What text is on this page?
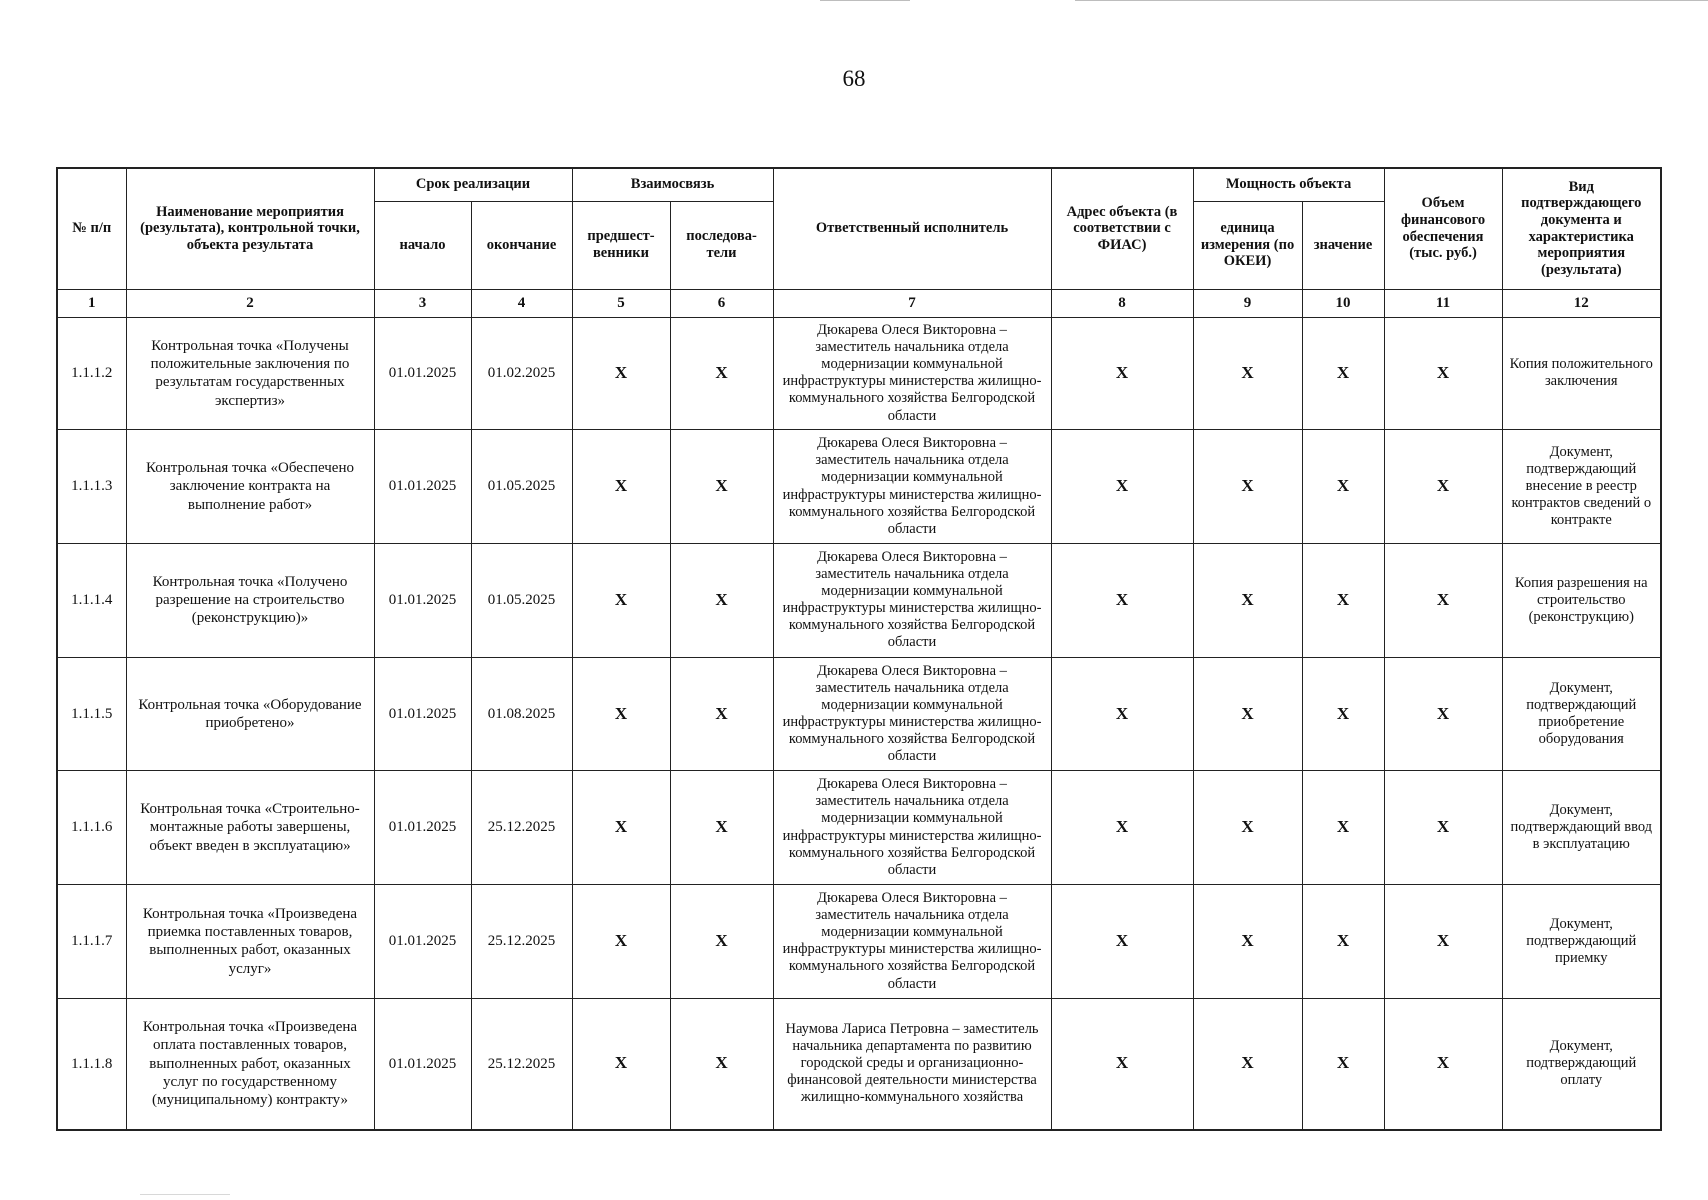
68
№ п/п	Наименование мероприятия (результата), контрольной точки, объекта результата	Срок реализации		Взаимосвязь		Ответственный исполнитель	Адрес объекта (в соответствии с ФИАС)	Мощность объекта		Объем финансового обеспечения (тыс. руб.)	Вид подтверждающего документа и характеристика мероприятия (результата)
		начало	окончание	предшест-венники	последова-тели			единица измерения (по ОКЕИ)	значение		
1	2	3	4	5	6	7	8	9	10	11	12
1.1.1.2	Контрольная точка «Получены положительные заключения по результатам государственных экспертиз»	01.01.2025	01.02.2025	X	X	Дюкарева Олеся Викторовна – заместитель начальника отдела модернизации коммунальной инфраструктуры министерства жилищно-коммунального хозяйства Белгородской области	X	X	X	X	Копия положительного заключения
1.1.1.3	Контрольная точка «Обеспечено заключение контракта на выполнение работ»	01.01.2025	01.05.2025	X	X	Дюкарева Олеся Викторовна – заместитель начальника отдела модернизации коммунальной инфраструктуры министерства жилищно-коммунального хозяйства Белгородской области	X	X	X	X	Документ, подтверждающий внесение в реестр контрактов сведений о контракте
1.1.1.4	Контрольная точка «Получено разрешение на строительство (реконструкцию)»	01.01.2025	01.05.2025	X	X	Дюкарева Олеся Викторовна – заместитель начальника отдела модернизации коммунальной инфраструктуры министерства жилищно-коммунального хозяйства Белгородской области	X	X	X	X	Копия разрешения на строительство (реконструкцию)
1.1.1.5	Контрольная точка «Оборудование приобретено»	01.01.2025	01.08.2025	X	X	Дюкарева Олеся Викторовна – заместитель начальника отдела модернизации коммунальной инфраструктуры министерства жилищно-коммунального хозяйства Белгородской области	X	X	X	X	Документ, подтверждающий приобретение оборудования
1.1.1.6	Контрольная точка «Строительно-монтажные работы завершены, объект введен в эксплуатацию»	01.01.2025	25.12.2025	X	X	Дюкарева Олеся Викторовна – заместитель начальника отдела модернизации коммунальной инфраструктуры министерства жилищно-коммунального хозяйства Белгородской области	X	X	X	X	Документ, подтверждающий ввод в эксплуатацию
1.1.1.7	Контрольная точка «Произведена приемка поставленных товаров, выполненных работ, оказанных услуг»	01.01.2025	25.12.2025	X	X	Дюкарева Олеся Викторовна – заместитель начальника отдела модернизации коммунальной инфраструктуры министерства жилищно-коммунального хозяйства Белгородской области	X	X	X	X	Документ, подтверждающий приемку
1.1.1.8	Контрольная точка «Произведена оплата поставленных товаров, выполненных работ, оказанных услуг по государственному (муниципальному) контракту»	01.01.2025	25.12.2025	X	X	Наумова Лариса Петровна – заместитель начальника департамента по развитию городской среды и организационно-финансовой деятельности министерства жилищно-коммунального хозяйства	X	X	X	X	Документ, подтверждающий оплату
